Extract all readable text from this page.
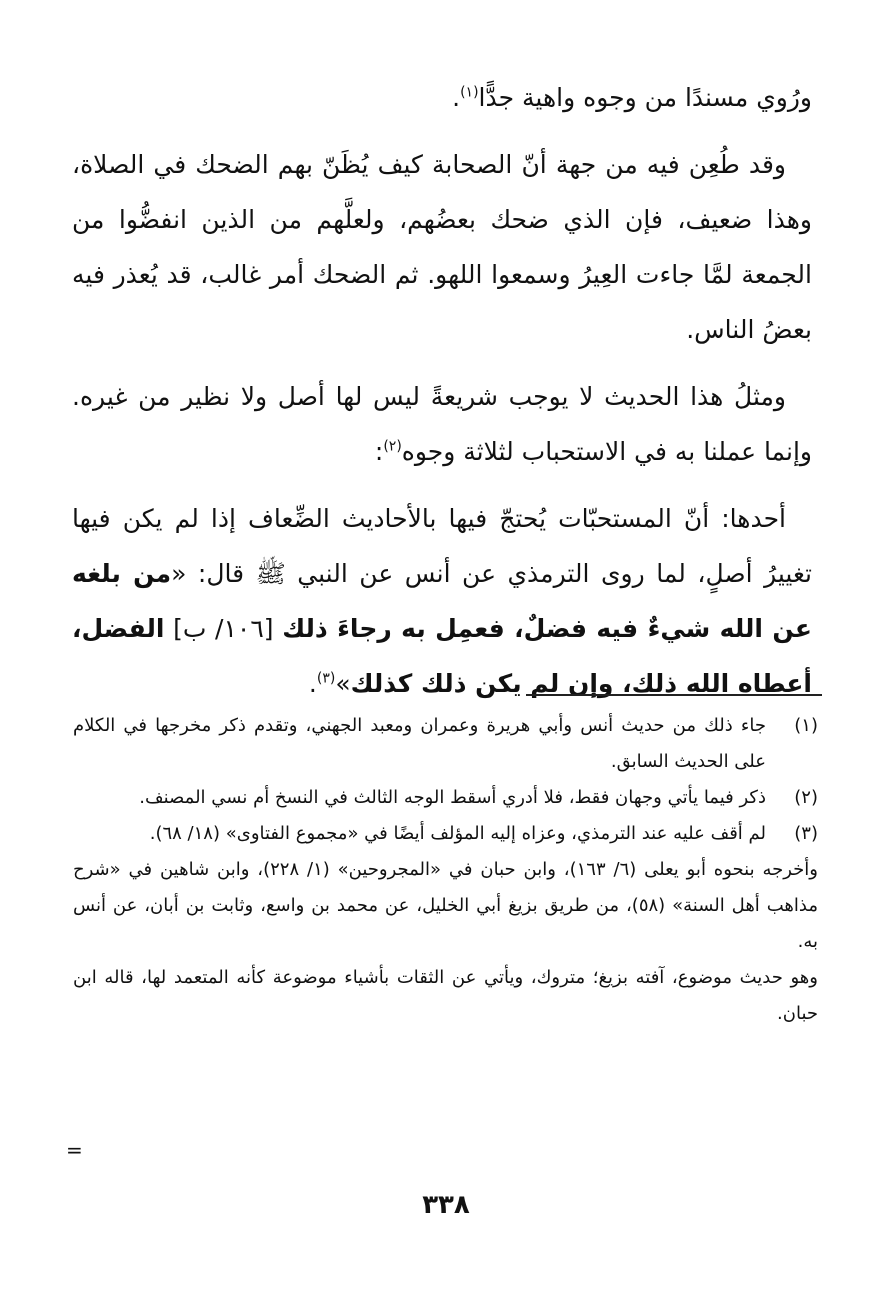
ورُوي مسندًا من وجوه واهية جدًّا$^{(١)}$.

وقد طُعِن فيه من جهة أنّ الصحابة كيف يُظَنّ بهم الضحك في الصلاة، وهذا ضعيف، فإن الذي ضحك بعضُهم، ولعلَّهم من الذين انفضُّوا من الجمعة لمَّا جاءت العِيرُ وسمعوا اللهو. ثم الضحك أمر غالب، قد يُعذر فيه بعضُ الناس.

ومثلُ هذا الحديث لا يوجب شريعةً ليس لها أصل ولا نظير من غيره. وإنما عملنا به في الاستحباب لثلاثة وجوه$^{(٢)}$:

أحدها: أنّ المستحبّات يُحتجّ فيها بالأحاديث الضِّعاف إذا لم يكن فيها تغييرُ أصلٍ، لما روى الترمذي عن أنس عن النبي ﷺ قال: «من بلغه عن الله شيءٌ فيه فضلٌ، فعمِل به رجاءَ ذلك [١٠٦/ ب] الفضل، أعطاه الله ذلك، وإن لم يكن ذلك كذلك»$^{(٣)}$.

(١)
جاء ذلك من حديث أنس وأبي هريرة وعمران ومعبد الجهني، وتقدم ذكر مخرجها في الكلام على الحديث السابق.
(٢)
ذكر فيما يأتي وجهان فقط، فلا أدري أسقط الوجه الثالث في النسخ أم نسي المصنف.
(٣)
لم أقف عليه عند الترمذي، وعزاه إليه المؤلف أيضًا في «مجموع الفتاوى» (١٨/ ٦٨).

وأخرجه بنحوه أبو يعلى (٦/ ١٦٣)، وابن حبان في «المجروحين» (١/ ٢٢٨)، وابن شاهين في «شرح مذاهب أهل السنة» (٥٨)، من طريق بزيغ أبي الخليل، عن محمد بن واسع، وثابت بن أبان، عن أنس به.

وهو حديث موضوع، آفته بزيغ؛ متروك، ويأتي عن الثقات بأشياء موضوعة كأنه المتعمد لها، قاله ابن حبان.

=
٣٣٨
